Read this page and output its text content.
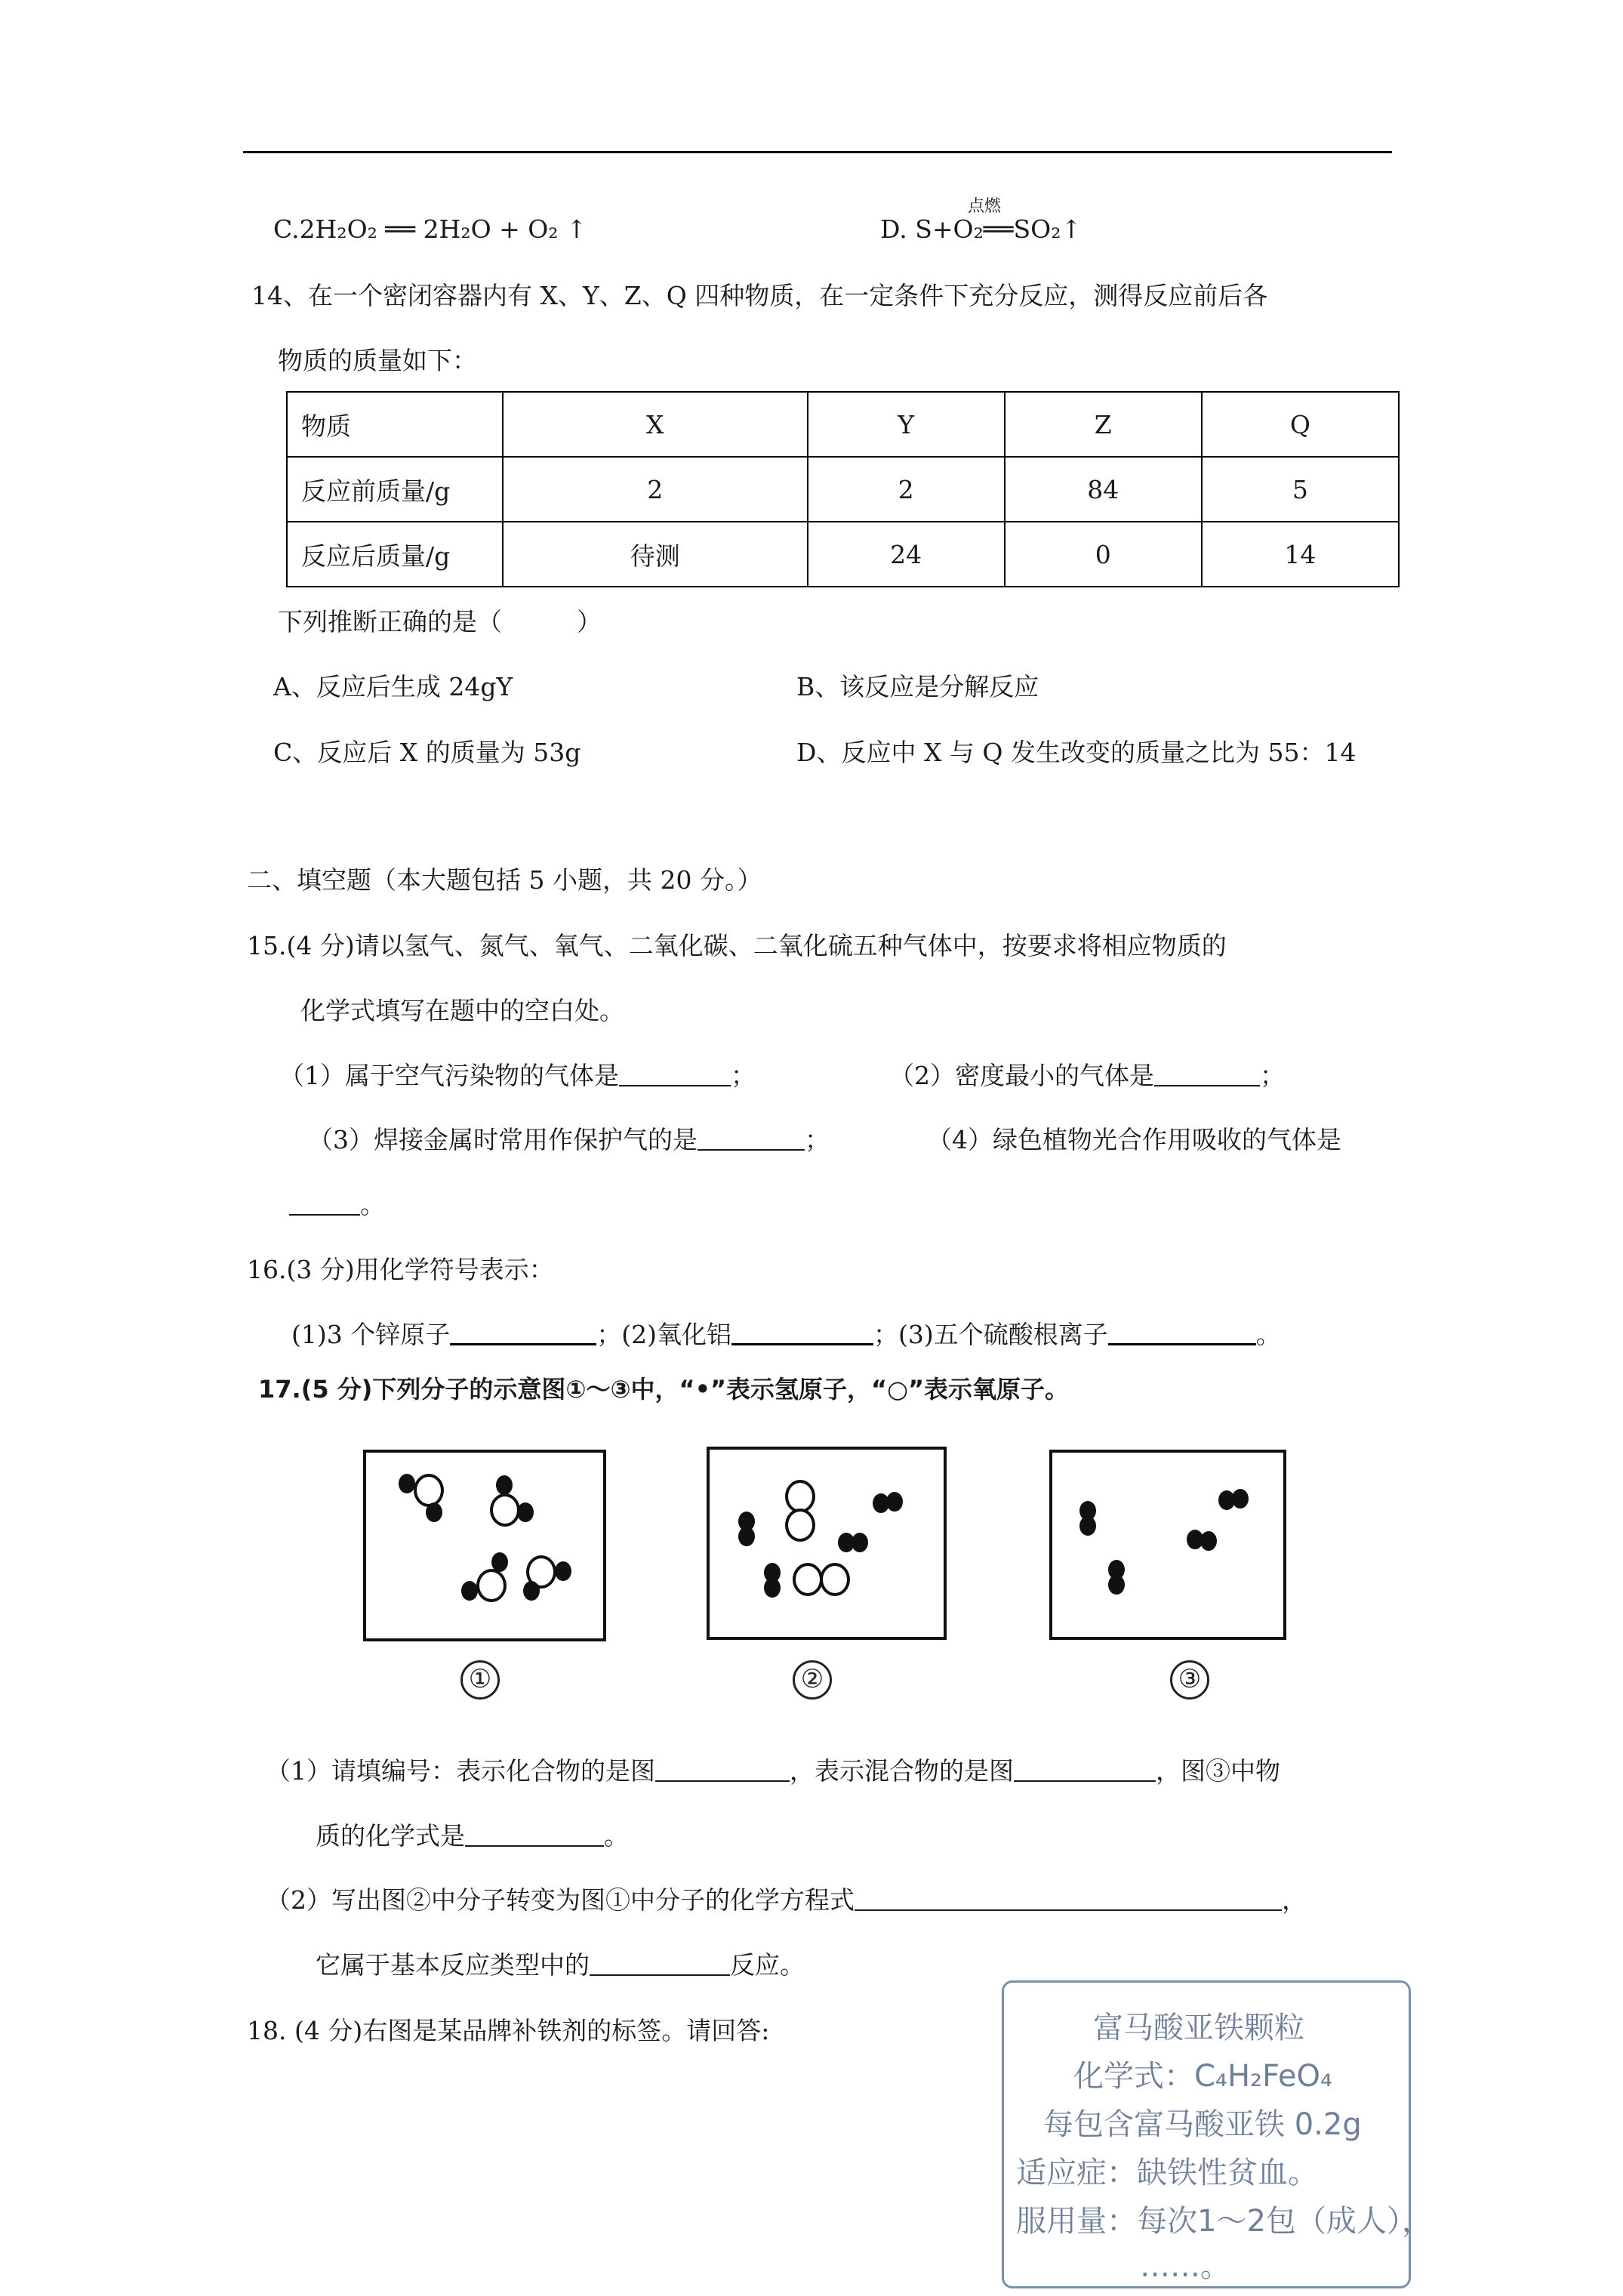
C.2H₂O₂ ══ 2H₂O + O₂ ↑
点燃
D. S+O₂══SO₂↑
14、在一个密闭容器内有 X、Y、Z、Q 四种物质，在一定条件下充分反应，测得反应前后各
物质的质量如下：
物质	X	Y	Z	Q
反应前质量/g	2	2	84	5
反应后质量/g	待测	24	0	14
下列推断正确的是（　　　）
A、反应后生成 24gY	B、该反应是分解反应
C、反应后 X 的质量为 53g	D、反应中 X 与 Q 发生改变的质量之比为 55：14
二、填空题（本大题包括 5 小题，共 20 分。）
15.(4 分)请以氢气、氮气、氧气、二氧化碳、二氧化硫五种气体中，按要求将相应物质的
化学式填写在题中的空白处。
（1）属于空气污染物的气体是	；	（2）密度最小的气体是	；
（3）焊接金属时常用作保护气的是	；	（4）绿色植物光合作用吸收的气体是
。
16.(3 分)用化学符号表示：
(1)3 个锌原子	；(2)氧化铝	；(3)五个硫酸根离子	。
17.(5 分)下列分子的示意图①～③中，“•”表示氢原子，“○”表示氧原子。
①	②	③
（1）请填编号：表示化合物的是图	，表示混合物的是图	，图③中物
质的化学式是	。
（2）写出图②中分子转变为图①中分子的化学方程式	，
它属于基本反应类型中的	反应。
18. (4 分)右图是某品牌补铁剂的标签。请回答:	富马酸亚铁颗粒
化学式：C₄H₂FeO₄
每包含富马酸亚铁 0.2g
适应症：缺铁性贫血。
服用量：每次1～2包（成人），
……。
